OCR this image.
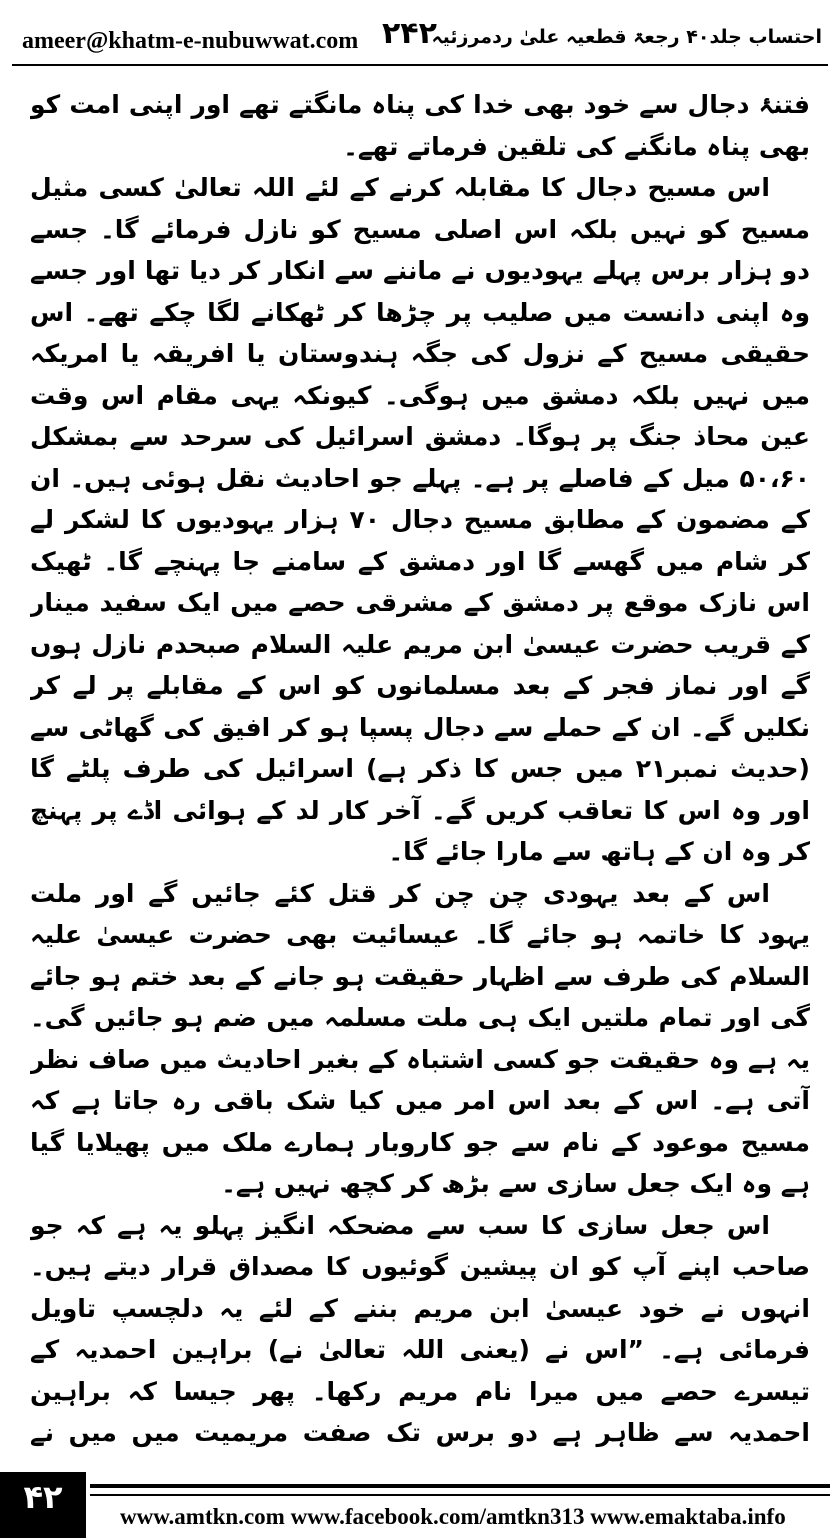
ameer@khatm-e-nubuwwat.com ۲۴۲
احتساب جلد۴۰ رجعۃ قطعیہ علیٰ ردمرزئیہ

فتنۂ دجال سے خود بھی خدا کی پناہ مانگتے تھے اور اپنی امت کو بھی پناہ مانگنے کی تلقین فرماتے تھے۔

اس مسیح دجال کا مقابلہ کرنے کے لئے اللہ تعالیٰ کسی مثیل مسیح کو نہیں بلکہ اس اصلی مسیح کو نازل فرمائے گا۔ جسے دو ہزار برس پہلے یہودیوں نے ماننے سے انکار کر دیا تھا اور جسے وہ اپنی دانست میں صلیب پر چڑھا کر ٹھکانے لگا چکے تھے۔ اس حقیقی مسیح کے نزول کی جگہ ہندوستان یا افریقہ یا امریکہ میں نہیں بلکہ دمشق میں ہوگی۔ کیونکہ یہی مقام اس وقت عین محاذ جنگ پر ہوگا۔ دمشق اسرائیل کی سرحد سے بمشکل ۵۰،۶۰ میل کے فاصلے پر ہے۔ پہلے جو احادیث نقل ہوئی ہیں۔ ان کے مضمون کے مطابق مسیح دجال ۷۰ ہزار یہودیوں کا لشکر لے کر شام میں گھسے گا اور دمشق کے سامنے جا پہنچے گا۔ ٹھیک اس نازک موقع پر دمشق کے مشرقی حصے میں ایک سفید مینار کے قریب حضرت عیسیٰ ابن مریم علیہ السلام صبحدم نازل ہوں گے اور نماز فجر کے بعد مسلمانوں کو اس کے مقابلے پر لے کر نکلیں گے۔ ان کے حملے سے دجال پسپا ہو کر افیق کی گھاٹی سے (حدیث نمبر۲۱ میں جس کا ذکر ہے) اسرائیل کی طرف پلٹے گا اور وہ اس کا تعاقب کریں گے۔ آخر کار لد کے ہوائی اڈے پر پہنچ کر وہ ان کے ہاتھ سے مارا جائے گا۔

اس کے بعد یہودی چن چن کر قتل کئے جائیں گے اور ملت یہود کا خاتمہ ہو جائے گا۔ عیسائیت بھی حضرت عیسیٰ علیہ السلام کی طرف سے اظہار حقیقت ہو جانے کے بعد ختم ہو جائے گی اور تمام ملتیں ایک ہی ملت مسلمہ میں ضم ہو جائیں گی۔ یہ ہے وہ حقیقت جو کسی اشتباہ کے بغیر احادیث میں صاف نظر آتی ہے۔ اس کے بعد اس امر میں کیا شک باقی رہ جاتا ہے کہ مسیح موعود کے نام سے جو کاروبار ہمارے ملک میں پھیلایا گیا ہے وہ ایک جعل سازی سے بڑھ کر کچھ نہیں ہے۔

اس جعل سازی کا سب سے مضحکہ انگیز پہلو یہ ہے کہ جو صاحب اپنے آپ کو ان پیشین گوئیوں کا مصداق قرار دیتے ہیں۔ انہوں نے خود عیسیٰ ابن مریم بننے کے لئے یہ دلچسپ تاویل فرمائی ہے۔ ”اس نے (یعنی اللہ تعالیٰ نے) براہین احمدیہ کے تیسرے حصے میں میرا نام مریم رکھا۔ پھر جیسا کہ براہین احمدیہ سے ظاہر ہے دو برس تک صفت مریمیت میں میں نے

۴۲
www.amtkn.com www.facebook.com/amtkn313 www.emaktaba.info
